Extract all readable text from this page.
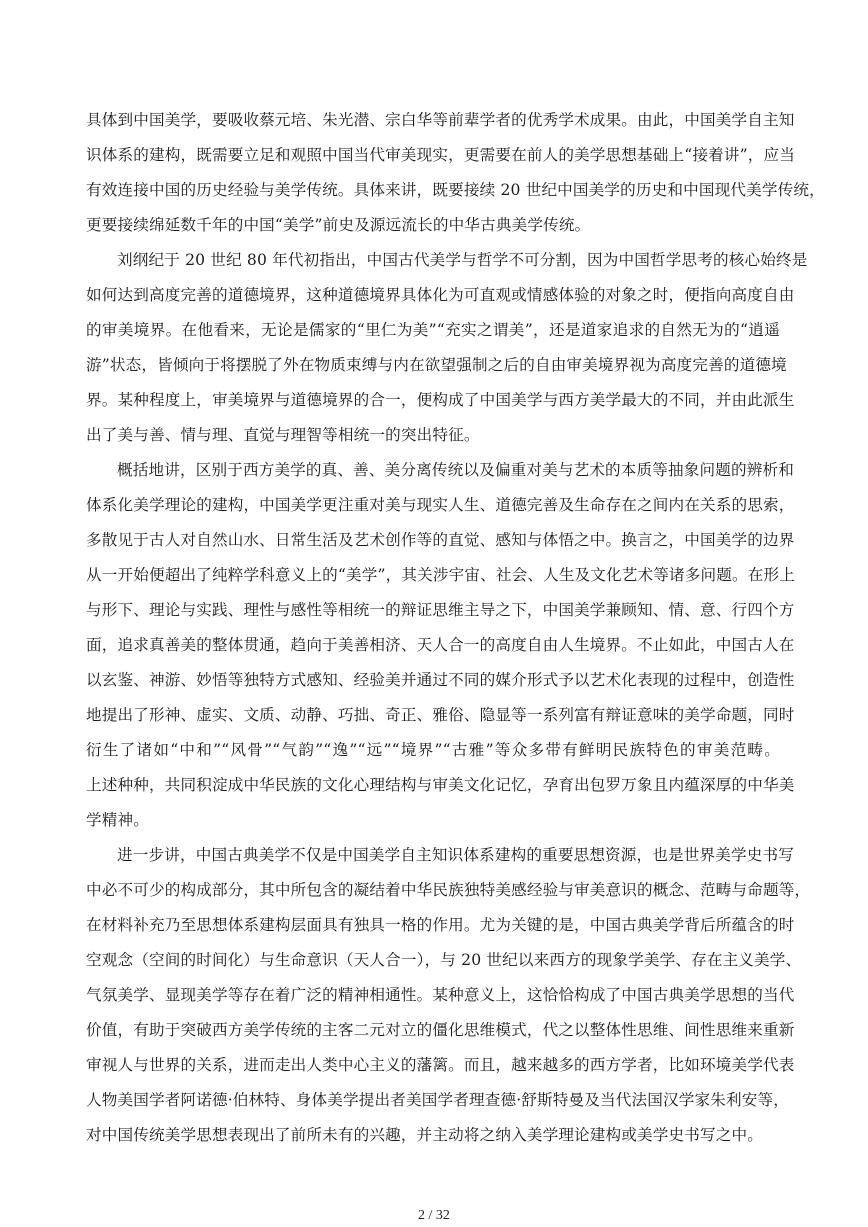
具体到中国美学，要吸收蔡元培、朱光潜、宗白华等前辈学者的优秀学术成果。由此，中国美学自主知
识体系的建构，既需要立足和观照中国当代审美现实，更需要在前人的美学思想基础上“接着讲”，应当
有效连接中国的历史经验与美学传统。具体来讲，既要接续 20 世纪中国美学的历史和中国现代美学传统，
更要接续绵延数千年的中国“美学”前史及源远流长的中华古典美学传统。
刘纲纪于 20 世纪 80 年代初指出，中国古代美学与哲学不可分割，因为中国哲学思考的核心始终是
如何达到高度完善的道德境界，这种道德境界具体化为可直观或情感体验的对象之时，便指向高度自由
的审美境界。在他看来，无论是儒家的“里仁为美”“充实之谓美”，还是道家追求的自然无为的“逍遥
游”状态，皆倾向于将摆脱了外在物质束缚与内在欲望强制之后的自由审美境界视为高度完善的道德境
界。某种程度上，审美境界与道德境界的合一，便构成了中国美学与西方美学最大的不同，并由此派生
出了美与善、情与理、直觉与理智等相统一的突出特征。
概括地讲，区别于西方美学的真、善、美分离传统以及偏重对美与艺术的本质等抽象问题的辨析和
体系化美学理论的建构，中国美学更注重对美与现实人生、道德完善及生命存在之间内在关系的思索，
多散见于古人对自然山水、日常生活及艺术创作等的直觉、感知与体悟之中。换言之，中国美学的边界
从一开始便超出了纯粹学科意义上的“美学”，其关涉宇宙、社会、人生及文化艺术等诸多问题。在形上
与形下、理论与实践、理性与感性等相统一的辩证思维主导之下，中国美学兼顾知、情、意、行四个方
面，追求真善美的整体贯通，趋向于美善相济、天人合一的高度自由人生境界。不止如此，中国古人在
以玄鉴、神游、妙悟等独特方式感知、经验美并通过不同的媒介形式予以艺术化表现的过程中，创造性
地提出了形神、虚实、文质、动静、巧拙、奇正、雅俗、隐显等一系列富有辩证意味的美学命题，同时
衍生了诸如“中和”“风骨”“气韵”“逸”“远”“境界”“古雅”等众多带有鲜明民族特色的审美范畴。
上述种种，共同积淀成中华民族的文化心理结构与审美文化记忆，孕育出包罗万象且内蕴深厚的中华美
学精神。
进一步讲，中国古典美学不仅是中国美学自主知识体系建构的重要思想资源，也是世界美学史书写
中必不可少的构成部分，其中所包含的凝结着中华民族独特美感经验与审美意识的概念、范畴与命题等，
在材料补充乃至思想体系建构层面具有独具一格的作用。尤为关键的是，中国古典美学背后所蕴含的时
空观念（空间的时间化）与生命意识（天人合一），与 20 世纪以来西方的现象学美学、存在主义美学、
气氛美学、显现美学等存在着广泛的精神相通性。某种意义上，这恰恰构成了中国古典美学思想的当代
价值，有助于突破西方美学传统的主客二元对立的僵化思维模式，代之以整体性思维、间性思维来重新
审视人与世界的关系，进而走出人类中心主义的藩篱。而且，越来越多的西方学者，比如环境美学代表
人物美国学者阿诺德·伯林特、身体美学提出者美国学者理查德·舒斯特曼及当代法国汉学家朱利安等，
对中国传统美学思想表现出了前所未有的兴趣，并主动将之纳入美学理论建构或美学史书写之中。
2 / 32
